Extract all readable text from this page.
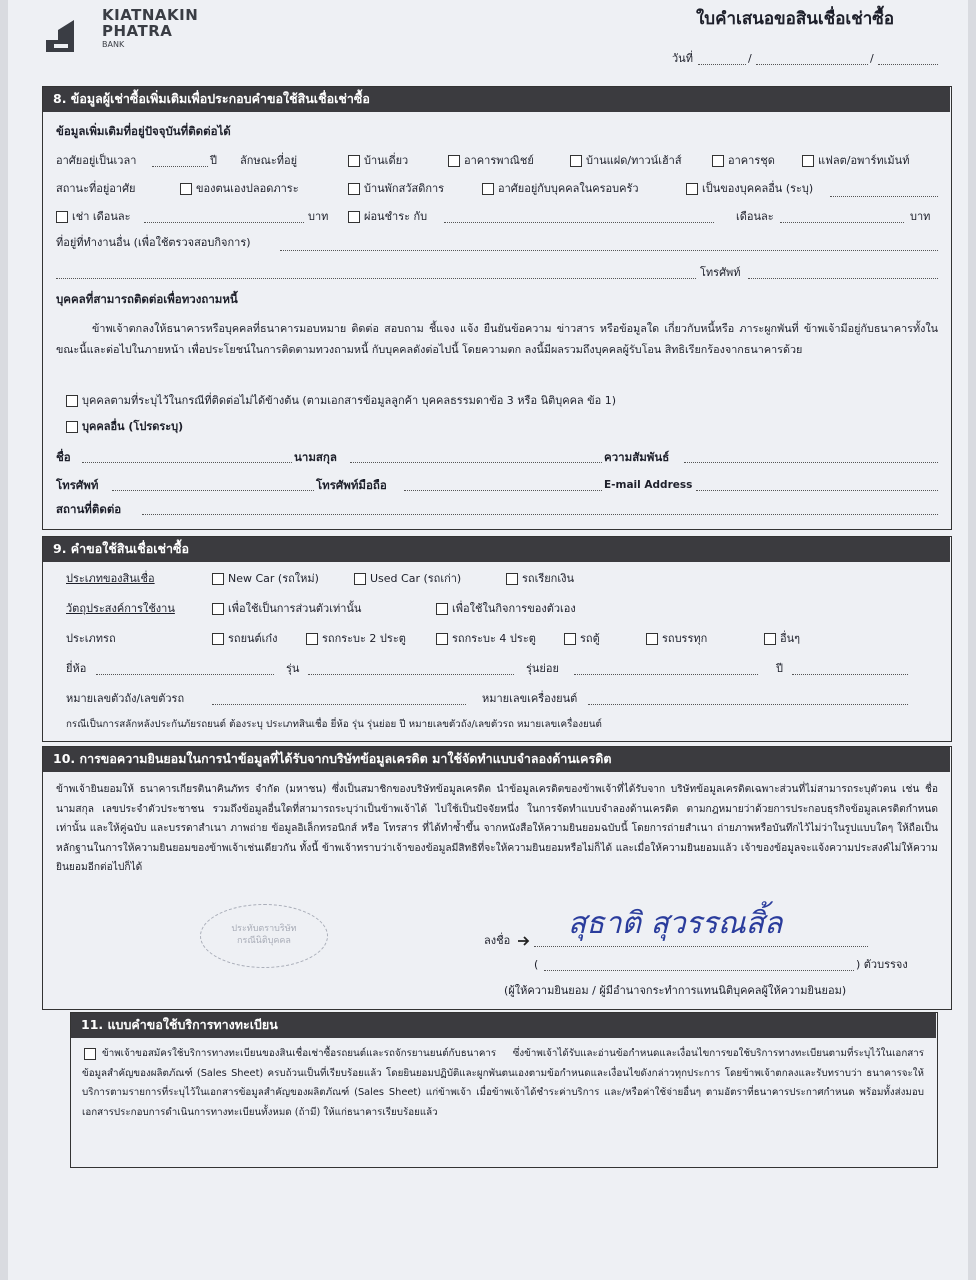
KIATNAKIN
PHATRA
BANK
ใบคำเสนอขอสินเชื่อเช่าซื้อ
วันที่	/	/
8. ข้อมูลผู้เช่าซื้อเพิ่มเติมเพื่อประกอบคำขอใช้สินเชื่อเช่าซื้อ
ข้อมูลเพิ่มเติมที่อยู่ปัจจุบันที่ติดต่อได้
อาศัยอยู่เป็นเวลา	ปี ลักษณะที่อยู่	บ้านเดี่ยว	อาคารพาณิชย์	บ้านแฝด/ทาวน์เฮ้าส์	อาคารชุด	แฟลต/อพาร์ทเม้นท์
สถานะที่อยู่อาศัย	ของตนเองปลอดภาระ	บ้านพักสวัสดิการ	อาศัยอยู่กับบุคคลในครอบครัว	เป็นของบุคคลอื่น (ระบุ)
เช่า เดือนละ	บาท	ผ่อนชำระ กับ	เดือนละ	บาท
ที่อยู่ที่ทำงานอื่น (เพื่อใช้ตรวจสอบกิจการ)
โทรศัพท์
บุคคลที่สามารถติดต่อเพื่อทวงถามหนี้
ข้าพเจ้าตกลงให้ธนาคารหรือบุคคลที่ธนาคารมอบหมาย ติดต่อ สอบถาม ชี้แจง แจ้ง ยืนยันข้อความ ข่าวสาร หรือข้อมูลใด เกี่ยวกับหนี้หรือ ภาระผูกพันที่ ข้าพเจ้ามีอยู่กับธนาคารทั้งในขณะนี้และต่อไปในภายหน้า เพื่อประโยชน์ในการติดตามทวงถามหนี้ กับบุคคลดังต่อไปนี้ โดยความตก ลงนี้มีผลรวมถึงบุคคลผู้รับโอน สิทธิเรียกร้องจากธนาคารด้วย
บุคคลตามที่ระบุไว้ในกรณีที่ติดต่อไม่ได้ข้างต้น (ตามเอกสารข้อมูลลูกค้า บุคคลธรรมดาข้อ 3 หรือ นิติบุคคล ข้อ 1)
บุคคลอื่น (โปรดระบุ)
ชื่อ	นามสกุล	ความสัมพันธ์
โทรศัพท์	โทรศัพท์มือถือ	E-mail Address
สถานที่ติดต่อ
9. คำขอใช้สินเชื่อเช่าซื้อ
ประเภทของสินเชื่อ	New Car (รถใหม่)	Used Car (รถเก่า)	รถเรียกเงิน
วัตถุประสงค์การใช้งาน	เพื่อใช้เป็นการส่วนตัวเท่านั้น	เพื่อใช้ในกิจการของตัวเอง
ประเภทรถ	รถยนต์เก๋ง	รถกระบะ 2 ประตู	รถกระบะ 4 ประตู	รถตู้	รถบรรทุก	อื่นๆ
ยี่ห้อ	รุ่น	รุ่นย่อย	ปี
หมายเลขตัวถัง/เลขตัวรถ	หมายเลขเครื่องยนต์
กรณีเป็นการสลักหลังประกันภัยรถยนต์ ต้องระบุ ประเภทสินเชื่อ ยี่ห้อ รุ่น รุ่นย่อย ปี หมายเลขตัวถัง/เลขตัวรถ หมายเลขเครื่องยนต์
10. การขอความยินยอมในการนำข้อมูลที่ได้รับจากบริษัทข้อมูลเครดิต มาใช้จัดทำแบบจำลองด้านเครดิต
ข้าพเจ้ายินยอมให้ ธนาคารเกียรตินาคินภัทร จำกัด (มหาชน) ซึ่งเป็นสมาชิกของบริษัทข้อมูลเครดิต นำข้อมูลเครดิตของข้าพเจ้าที่ได้รับจาก บริษัทข้อมูลเครดิตเฉพาะส่วนที่ไม่สามารถระบุตัวตน เช่น ชื่อ นามสกุล เลขประจำตัวประชาชน รวมถึงข้อมูลอื่นใดที่สามารถระบุว่าเป็นข้าพเจ้าได้ ไปใช้เป็นปัจจัยหนึ่ง ในการจัดทำแบบจำลองด้านเครดิต ตามกฎหมายว่าด้วยการประกอบธุรกิจข้อมูลเครดิตกำหนดเท่านั้น และให้คู่ฉบับ และบรรดาสำเนา ภาพถ่าย ข้อมูลอิเล็กทรอนิกส์ หรือ โทรสาร ที่ได้ทำซ้ำขึ้น จากหนังสือให้ความยินยอมฉบับนี้ โดยการถ่ายสำเนา ถ่ายภาพหรือบันทึกไว้ไม่ว่าในรูปแบบใดๆ ให้ถือเป็นหลักฐานในการให้ความยินยอมของข้าพเจ้าเช่นเดียวกัน ทั้งนี้ ข้าพเจ้าทราบว่าเจ้าของข้อมูลมีสิทธิที่จะให้ความยินยอมหรือไม่ก็ได้ และเมื่อให้ความยินยอมแล้ว เจ้าของข้อมูลจะแจ้งความประสงค์ไม่ให้ความยินยอมอีกต่อไปก็ได้
ประทับตราบริษัท
กรณีนิติบุคคล	ลงชื่อ สุธาติ สุวรรณสิ้ล
(	) ตัวบรรจง
(ผู้ให้ความยินยอม / ผู้มีอำนาจกระทำการแทนนิติบุคคลผู้ให้ความยินยอม)
11. แบบคำขอใช้บริการทางทะเบียน
ข้าพเจ้าขอสมัครใช้บริการทางทะเบียนของสินเชื่อเช่าซื้อรถยนต์และรถจักรยานยนต์กับธนาคาร ซึ่งข้าพเจ้าได้รับและอ่านข้อกำหนดและเงื่อนไขการขอใช้บริการทางทะเบียนตามที่ระบุไว้ในเอกสารข้อมูลสำคัญของผลิตภัณฑ์ (Sales Sheet) ครบถ้วนเป็นที่เรียบร้อยแล้ว โดยยินยอมปฏิบัติและผูกพันตนเองตามข้อกำหนดและเงื่อนไขดังกล่าวทุกประการ โดยข้าพเจ้าตกลงและรับทราบว่า ธนาคารจะให้บริการตามรายการที่ระบุไว้ในเอกสารข้อมูลสำคัญของผลิตภัณฑ์ (Sales Sheet) แก่ข้าพเจ้า เมื่อข้าพเจ้าได้ชำระค่าบริการ และ/หรือค่าใช้จ่ายอื่นๆ ตามอัตราที่ธนาคารประกาศกำหนด พร้อมทั้งส่งมอบเอกสารประกอบการดำเนินการทางทะเบียนทั้งหมด (ถ้ามี) ให้แก่ธนาคารเรียบร้อยแล้ว
